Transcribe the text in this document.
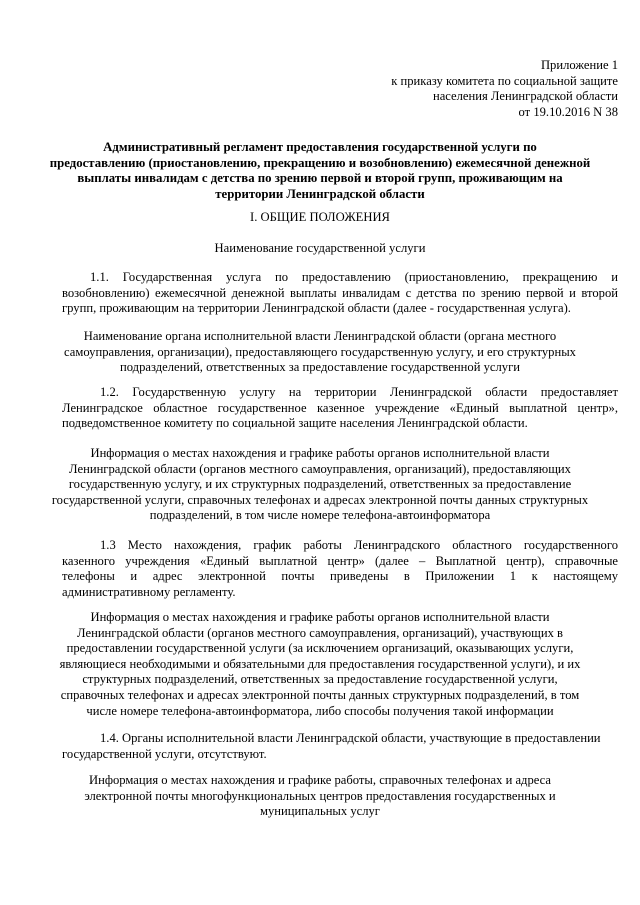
Приложение 1
к приказу комитета по социальной защите
населения Ленинградской области
от 19.10.2016 N 38
Административный регламент предоставления государственной услуги по
предоставлению (приостановлению, прекращению и возобновлению) ежемесячной денежной
выплаты инвалидам с детства по зрению первой и второй групп, проживающим на
территории Ленинградской области
I. ОБЩИЕ ПОЛОЖЕНИЯ
Наименование государственной услуги
1.1. Государственная услуга по предоставлению (приостановлению, прекращению и
возобновлению) ежемесячной денежной выплаты инвалидам с детства по зрению первой и второй
групп, проживающим на территории Ленинградской области (далее - государственная услуга).
Наименование органа исполнительной власти Ленинградской области (органа местного
самоуправления, организации), предоставляющего государственную услугу, и его структурных
подразделений, ответственных за предоставление государственной услуги
1.2. Государственную услугу на территории Ленинградской области предоставляет
Ленинградское областное государственное казенное учреждение «Единый выплатной центр»,
подведомственное комитету по социальной защите населения Ленинградской области.
Информация о местах нахождения и графике работы органов исполнительной власти
Ленинградской области (органов местного самоуправления, организаций), предоставляющих
государственную услугу, и их структурных подразделений, ответственных за предоставление
государственной услуги, справочных телефонах и адресах электронной почты данных структурных
подразделений, в том числе номере телефона-автоинформатора
1.3 Место нахождения, график работы Ленинградского областного государственного
казенного учреждения «Единый выплатной центр» (далее – Выплатной центр), справочные
телефоны и адрес электронной почты приведены в Приложении 1 к настоящему
административному регламенту.
Информация о местах нахождения и графике работы органов исполнительной власти
Ленинградской области (органов местного самоуправления, организаций), участвующих в
предоставлении государственной услуги (за исключением организаций, оказывающих услуги,
являющиеся необходимыми и обязательными для предоставления государственной услуги), и их
структурных подразделений, ответственных за предоставление государственной услуги,
справочных телефонах и адресах электронной почты данных структурных подразделений, в том
числе номере телефона-автоинформатора, либо способы получения такой информации
1.4. Органы исполнительной власти Ленинградской области, участвующие в предоставлении
государственной услуги, отсутствуют.
Информация о местах нахождения и графике работы, справочных телефонах и адреса
электронной почты многофункциональных центров предоставления государственных и
муниципальных услуг
